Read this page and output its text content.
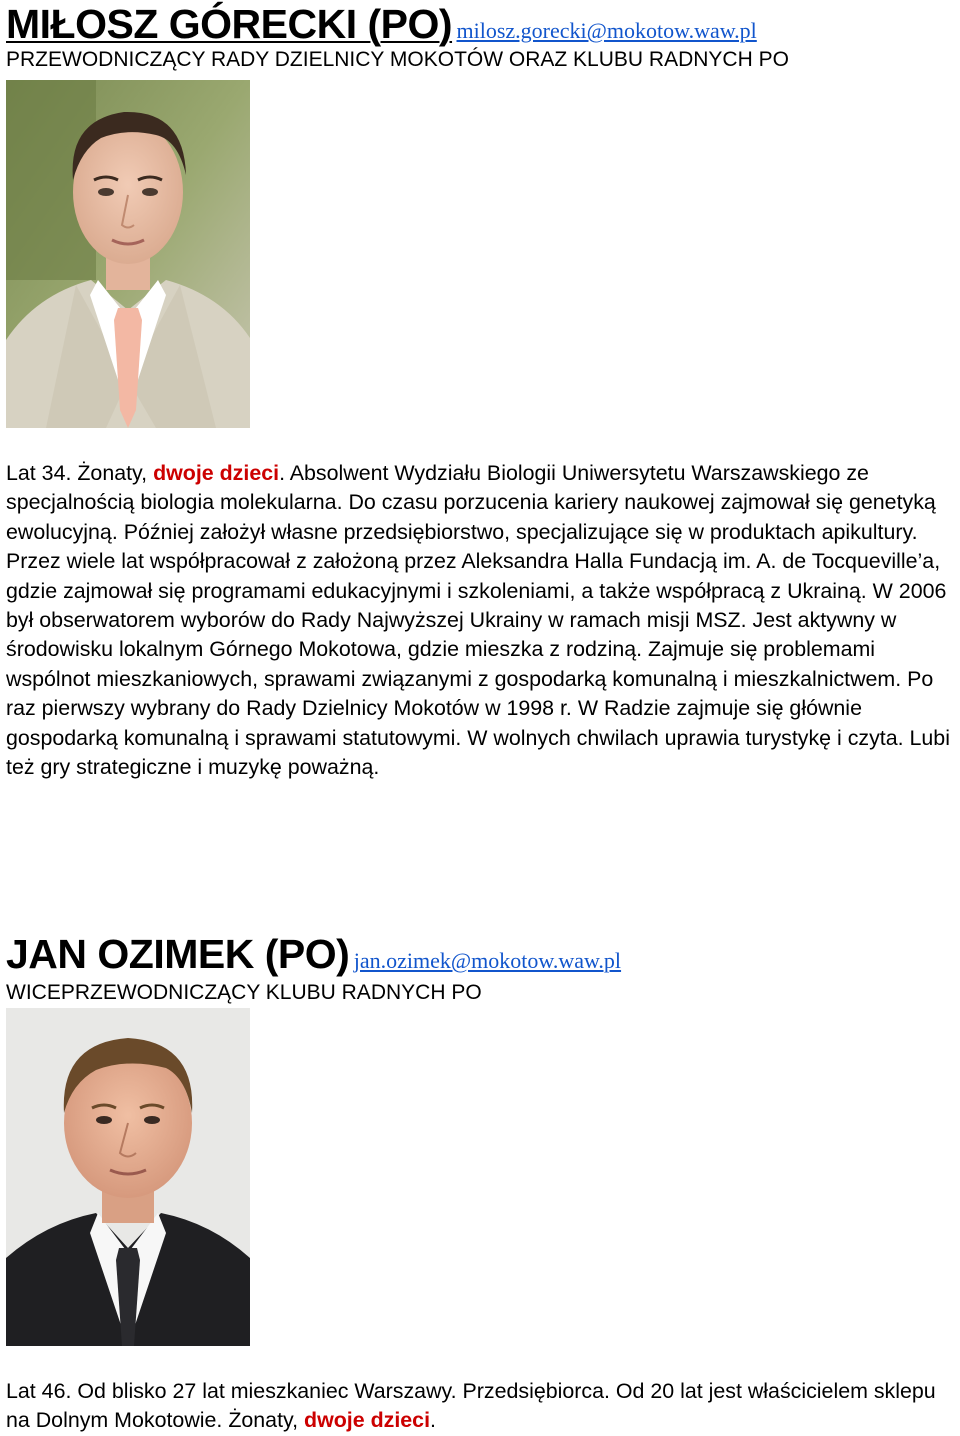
MIŁOSZ GÓRECKI (PO) milosz.gorecki@mokotow.waw.pl
PRZEWODNICZĄCY RADY DZIELNICY MOKOTÓW ORAZ KLUBU RADNYCH PO
Lat 34. Żonaty, dwoje dzieci. Absolwent Wydziału Biologii Uniwersytetu Warszawskiego ze specjalnością biologia molekularna. Do czasu porzucenia kariery naukowej zajmował się genetyką ewolucyjną. Później założył własne przedsiębiorstwo, specjalizujące się w produktach apikultury. Przez wiele lat współpracował z założoną przez Aleksandra Halla Fundacją im. A. de Tocqueville’a, gdzie zajmował się programami edukacyjnymi i szkoleniami, a także współpracą z Ukrainą. W 2006 był obserwatorem wyborów do Rady Najwyższej Ukrainy w ramach misji MSZ. Jest aktywny w środowisku lokalnym Górnego Mokotowa, gdzie mieszka z rodziną. Zajmuje się problemami wspólnot mieszkaniowych, sprawami związanymi z gospodarką komunalną i mieszkalnictwem. Po raz pierwszy wybrany do Rady Dzielnicy Mokotów w 1998 r. W Radzie zajmuje się głównie gospodarką komunalną i sprawami statutowymi. W wolnych chwilach uprawia turystykę i czyta. Lubi też gry strategiczne i muzykę poważną.
JAN OZIMEK (PO) jan.ozimek@mokotow.waw.pl
WICEPRZEWODNICZĄCY KLUBU RADNYCH PO
Lat 46. Od blisko 27 lat mieszkaniec Warszawy. Przedsiębiorca. Od 20 lat jest właścicielem sklepu na Dolnym Mokotowie. Żonaty, dwoje dzieci.
